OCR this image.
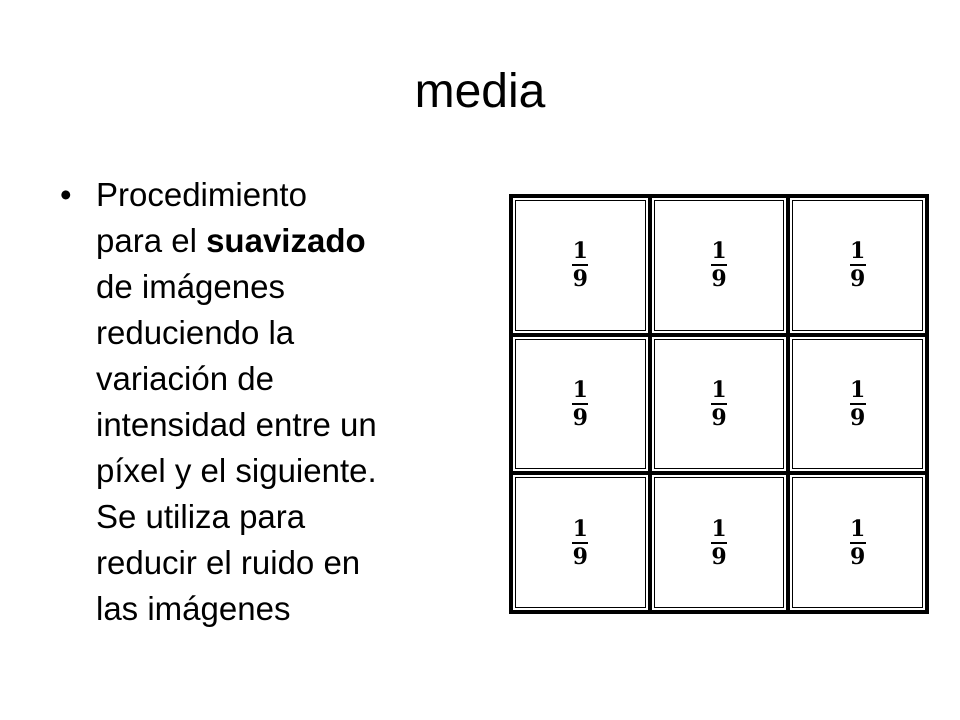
media
• Procedimiento
para el suavizado
de imágenes
reduciendo la
variación de
intensidad entre un
píxel y el siguiente.
Se utiliza para
reducir el ruido en
las imágenes
$\frac{1}{9}$	$\frac{1}{9}$	$\frac{1}{9}$
$\frac{1}{9}$	$\frac{1}{9}$	$\frac{1}{9}$
$\frac{1}{9}$	$\frac{1}{9}$	$\frac{1}{9}$
